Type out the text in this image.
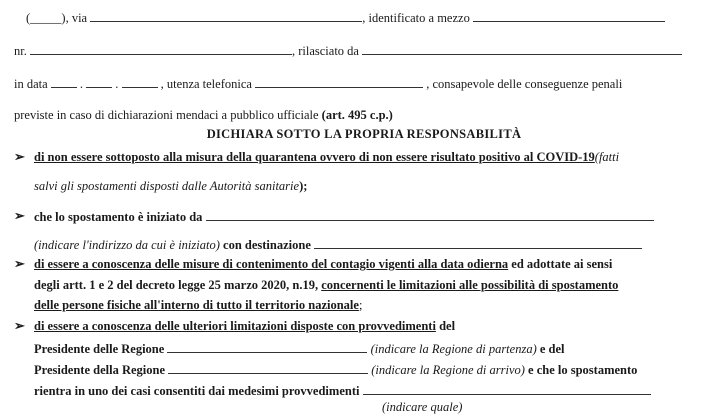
(_____), via	, identificato a mezzo
nr.	, rilasciato da
in data	.	.	, utenza telefonica	, consapevole delle conseguenze penali
previste in caso di dichiarazioni mendaci a pubblico ufficiale (art. 495 c.p.)
DICHIARA SOTTO LA PROPRIA RESPONSABILITÀ
➢ di non essere sottoposto alla misura della quarantena ovvero di non essere risultato positivo al COVID-19(fatti
salvi gli spostamenti disposti dalle Autorità sanitarie);
➢ che lo spostamento è iniziato da
(indicare l'indirizzo da cui è iniziato) con destinazione
➢ di essere a conoscenza delle misure di contenimento del contagio vigenti alla data odierna ed adottate ai sensi
degli artt. 1 e 2 del decreto legge 25 marzo 2020, n.19, concernenti le limitazioni alle possibilità di spostamento
delle persone fisiche all'interno di tutto il territorio nazionale;
➢ di essere a conoscenza delle ulteriori limitazioni disposte con provvedimenti del
Presidente delle Regione	(indicare la Regione di partenza) e del
Presidente della Regione	(indicare la Regione di arrivo) e che lo spostamento
rientra in uno dei casi consentiti dai medesimi provvedimenti
(indicare quale)
